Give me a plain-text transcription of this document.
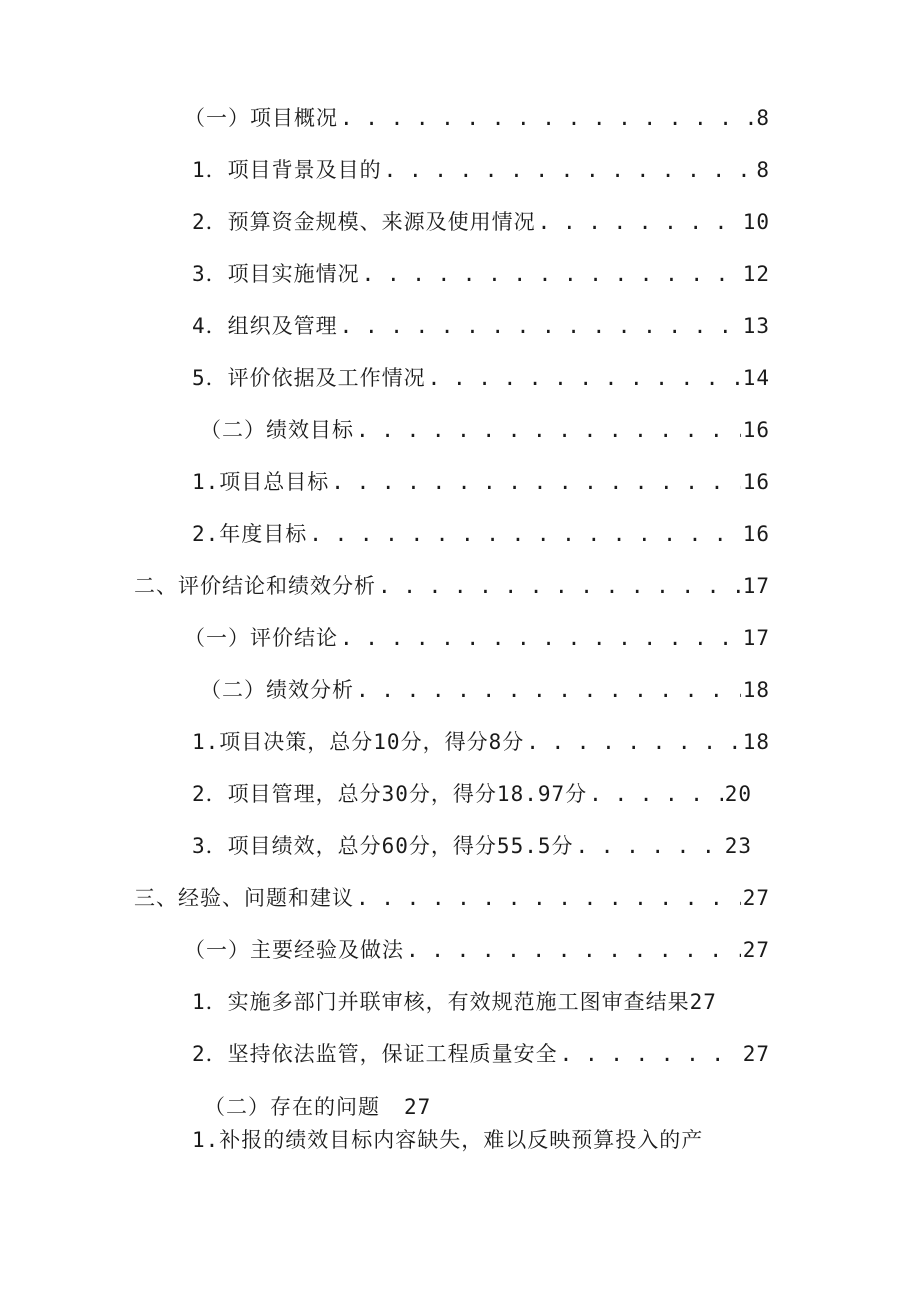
（一）项目概况 . . .	8
1．项目背景及目的 . . .	8
2．预算资金规模、来源及使用情况 . . .	10
3．项目实施情况 . . .	12
4．组织及管理 . . .	13
5．评价依据及工作情况 . . .	14
（二）绩效目标 . . .	16
1.项目总目标 . . .	16
2.年度目标 . . .	16
二、评价结论和绩效分析 . . .	17
（一）评价结论 . . .	17
（二）绩效分析 . . .	18
1.项目决策，总分10分，得分8分 . . .	18
2．项目管理，总分30分，得分18.97分 . . .	20
3．项目绩效，总分60分，得分55.5分 . . .	23
三、经验、问题和建议 . . .	27
（一）主要经验及做法 . . .	27
1．实施多部门并联审核，有效规范施工图审查结果 27
2．坚持依法监管，保证工程质量安全 . . .	27
（二）存在的问题 27
1.补报的绩效目标内容缺失，难以反映预算投入的产
